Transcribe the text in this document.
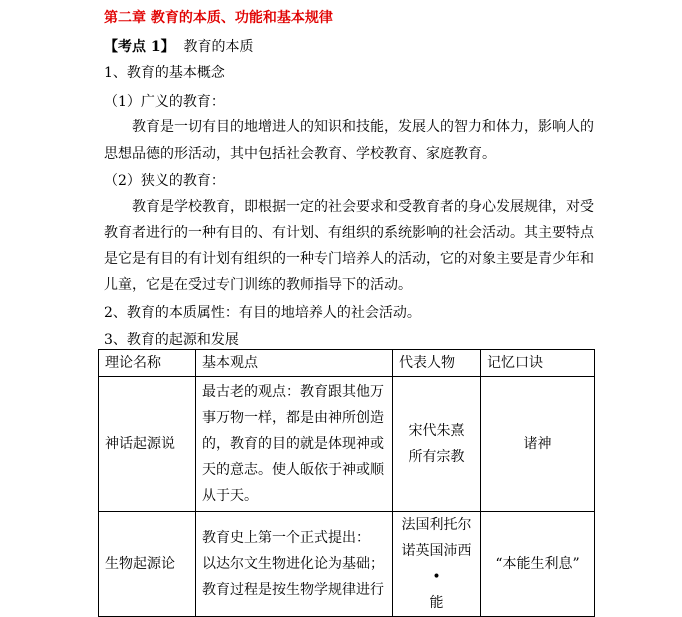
第二章 教育的本质、功能和基本规律
【考点 1】 教育的本质
1、教育的基本概念
（1）广义的教育：
教育是一切有目的地增进人的知识和技能，发展人的智力和体力，影响人的
思想品德的形活动，其中包括社会教育、学校教育、家庭教育。
（2）狭义的教育：
教育是学校教育，即根据一定的社会要求和受教育者的身心发展规律，对受
教育者进行的一种有目的、有计划、有组织的系统影响的社会活动。其主要特点
是它是有目的有计划有组织的一种专门培养人的活动，它的对象主要是青少年和
儿童，它是在受过专门训练的教师指导下的活动。
2、教育的本质属性：有目的地培养人的社会活动。
3、教育的起源和发展
理论名称	基本观点	代表人物	记忆口诀
神话起源说	最古老的观点：教育跟其他万
事万物一样，都是由神所创造
的，教育的目的就是体现神或
天的意志。使人皈依于神或顺
从于天。	宋代朱熹
所有宗教	诸神
生物起源论	教育史上第一个正式提出：
以达尔文生物进化论为基础；
教育过程是按生物学规律进行	法国利托尔
诺英国沛西•
能	“本能生利息”
